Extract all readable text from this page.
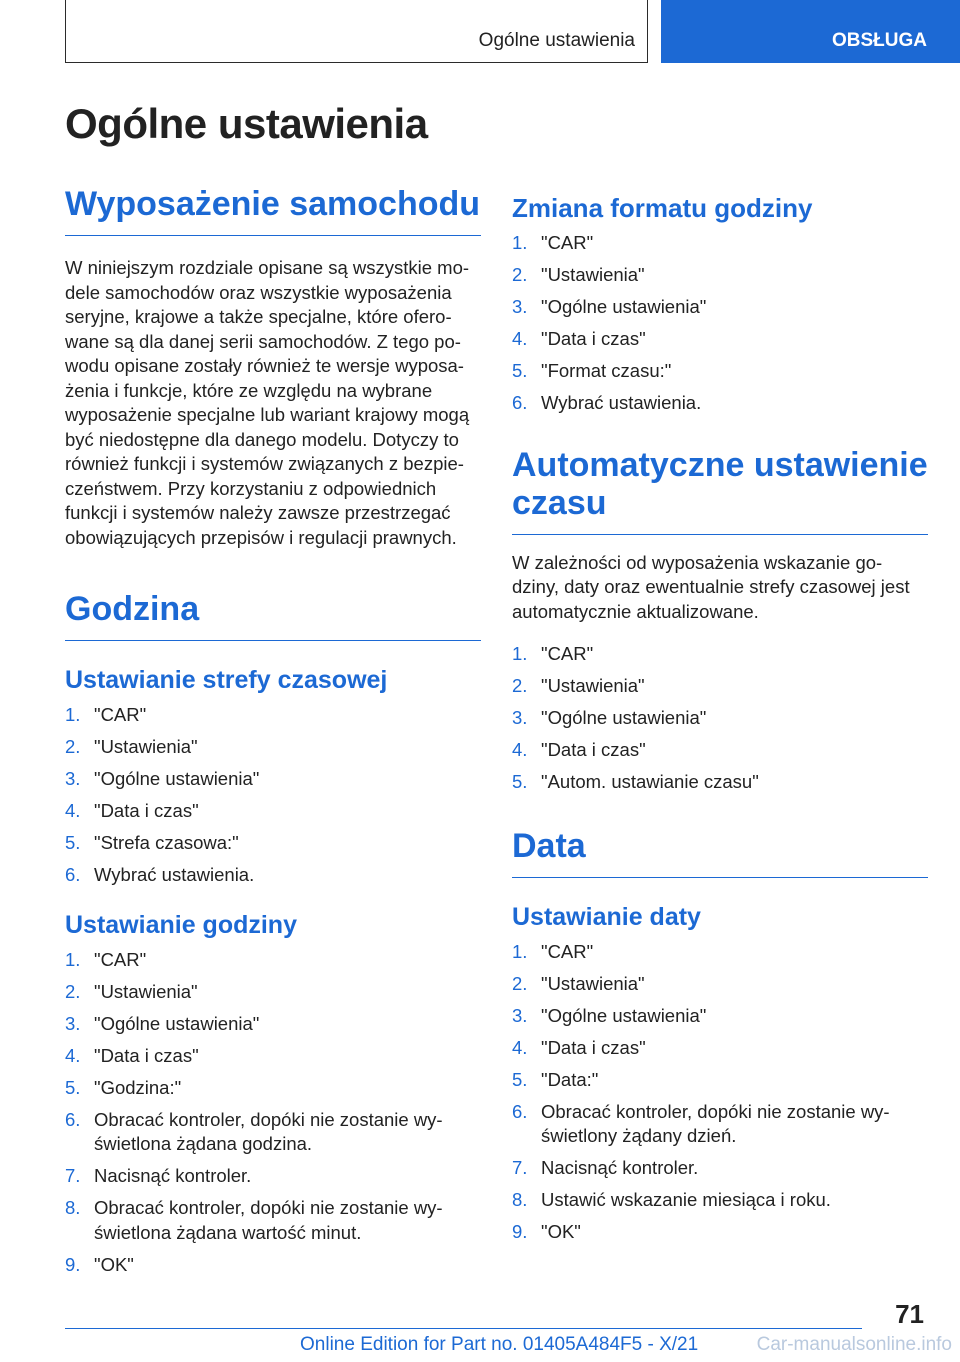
Ogólne ustawienia	OBSŁUGA
Ogólne ustawienia
Wyposażenie samochodu

W niniejszym rozdziale opisane są wszystkie mo-
dele samochodów oraz wszystkie wyposażenia
seryjne, krajowe a także specjalne, które ofero-
wane są dla danej serii samochodów. Z tego po-
wodu opisane zostały również te wersje wyposa-
żenia i funkcje, które ze względu na wybrane
wyposażenie specjalne lub wariant krajowy mogą
być niedostępne dla danego modelu. Dotyczy to
również funkcji i systemów związanych z bezpie-
czeństwem. Przy korzystaniu z odpowiednich
funkcji i systemów należy zawsze przestrzegać
obowiązujących przepisów i regulacji prawnych.

Godzina
Ustawianie strefy czasowej
1. "CAR"
2. "Ustawienia"
3. "Ogólne ustawienia"
4. "Data i czas"
5. "Strefa czasowa:"
6. Wybrać ustawienia.
Ustawianie godziny
1. "CAR"
2. "Ustawienia"
3. "Ogólne ustawienia"
4. "Data i czas"
5. "Godzina:"
6. Obracać kontroler, dopóki nie zostanie wy-
świetlona żądana godzina.
7. Nacisnąć kontroler.
8. Obracać kontroler, dopóki nie zostanie wy-
świetlona żądana wartość minut.
9. "OK"
Zmiana formatu godziny
1. "CAR"
2. "Ustawienia"
3. "Ogólne ustawienia"
4. "Data i czas"
5. "Format czasu:"
6. Wybrać ustawienia.
Automatyczne ustawienie
czasu

W zależności od wyposażenia wskazanie go-
dziny, daty oraz ewentualnie strefy czasowej jest
automatycznie aktualizowane.

1. "CAR"
2. "Ustawienia"
3. "Ogólne ustawienia"
4. "Data i czas"
5. "Autom. ustawianie czasu"
Data
Ustawianie daty
1. "CAR"
2. "Ustawienia"
3. "Ogólne ustawienia"
4. "Data i czas"
5. "Data:"
6. Obracać kontroler, dopóki nie zostanie wy-
świetlony żądany dzień.
7. Nacisnąć kontroler.
8. Ustawić wskazanie miesiąca i roku.
9. "OK"
71
Online Edition for Part no. 01405A484F5 - X/21	Car-manualsonline.info
